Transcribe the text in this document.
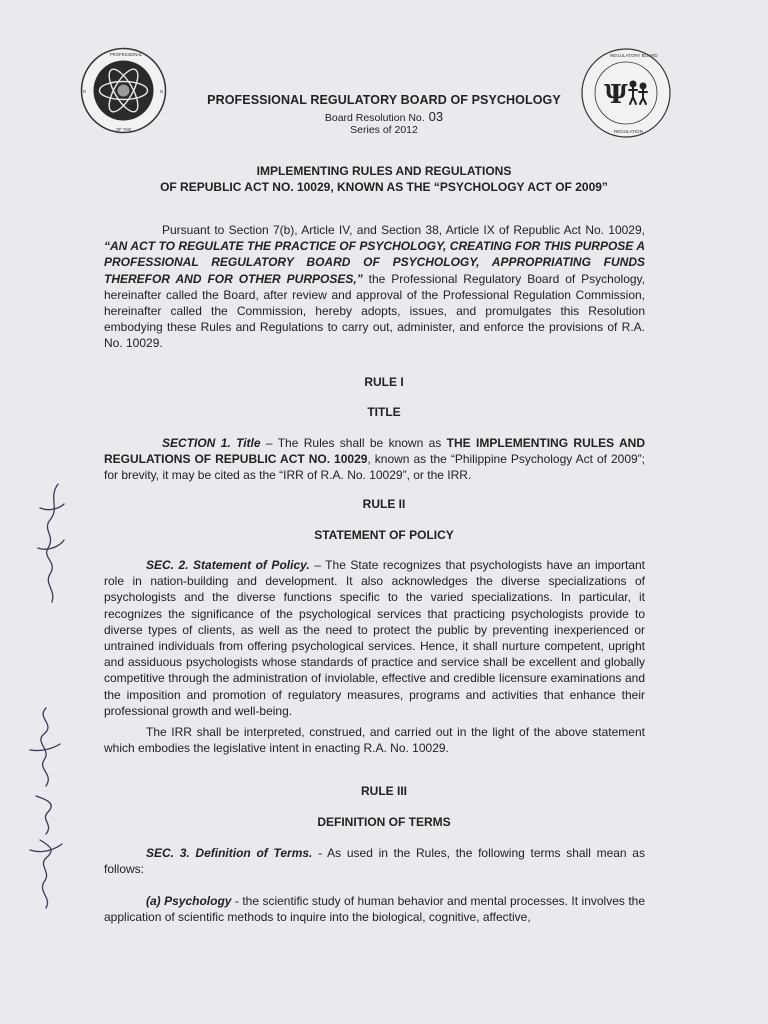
PROFESSIONAL
OF THE
R	N	Ψ
REGULATORY BOARD
REGULATION
PROFESSIONAL REGULATORY BOARD OF PSYCHOLOGY
Board Resolution No. 03
Series of 2012
IMPLEMENTING RULES AND REGULATIONS
OF REPUBLIC ACT NO. 10029, KNOWN AS THE “PSYCHOLOGY ACT OF 2009”
Pursuant to Section 7(b), Article IV, and Section 38, Article IX of Republic Act No. 10029, “AN ACT TO REGULATE THE PRACTICE OF PSYCHOLOGY, CREATING FOR THIS PURPOSE A PROFESSIONAL REGULATORY BOARD OF PSYCHOLOGY, APPROPRIATING FUNDS THEREFOR AND FOR OTHER PURPOSES,” the Professional Regulatory Board of Psychology, hereinafter called the Board, after review and approval of the Professional Regulation Commission, hereinafter called the Commission, hereby adopts, issues, and promulgates this Resolution embodying these Rules and Regulations to carry out, administer, and enforce the provisions of R.A. No. 10029.
RULE I
TITLE
SECTION 1. Title – The Rules shall be known as THE IMPLEMENTING RULES AND REGULATIONS OF REPUBLIC ACT NO. 10029, known as the “Philippine Psychology Act of 2009”; for brevity, it may be cited as the “IRR of R.A. No. 10029”, or the IRR.
RULE II
STATEMENT OF POLICY
SEC. 2. Statement of Policy. – The State recognizes that psychologists have an important role in nation-building and development. It also acknowledges the diverse specializations of psychologists and the diverse functions specific to the varied specializations. In particular, it recognizes the significance of the psychological services that practicing psychologists provide to diverse types of clients, as well as the need to protect the public by preventing inexperienced or untrained individuals from offering psychological services. Hence, it shall nurture competent, upright and assiduous psychologists whose standards of practice and service shall be excellent and globally competitive through the administration of inviolable, effective and credible licensure examinations and the imposition and promotion of regulatory measures, programs and activities that enhance their professional growth and well-being.
The IRR shall be interpreted, construed, and carried out in the light of the above statement which embodies the legislative intent in enacting R.A. No. 10029.
RULE III
DEFINITION OF TERMS
SEC. 3. Definition of Terms. - As used in the Rules, the following terms shall mean as follows:
(a) Psychology - the scientific study of human behavior and mental processes. It involves the application of scientific methods to inquire into the biological, cognitive, affective,
